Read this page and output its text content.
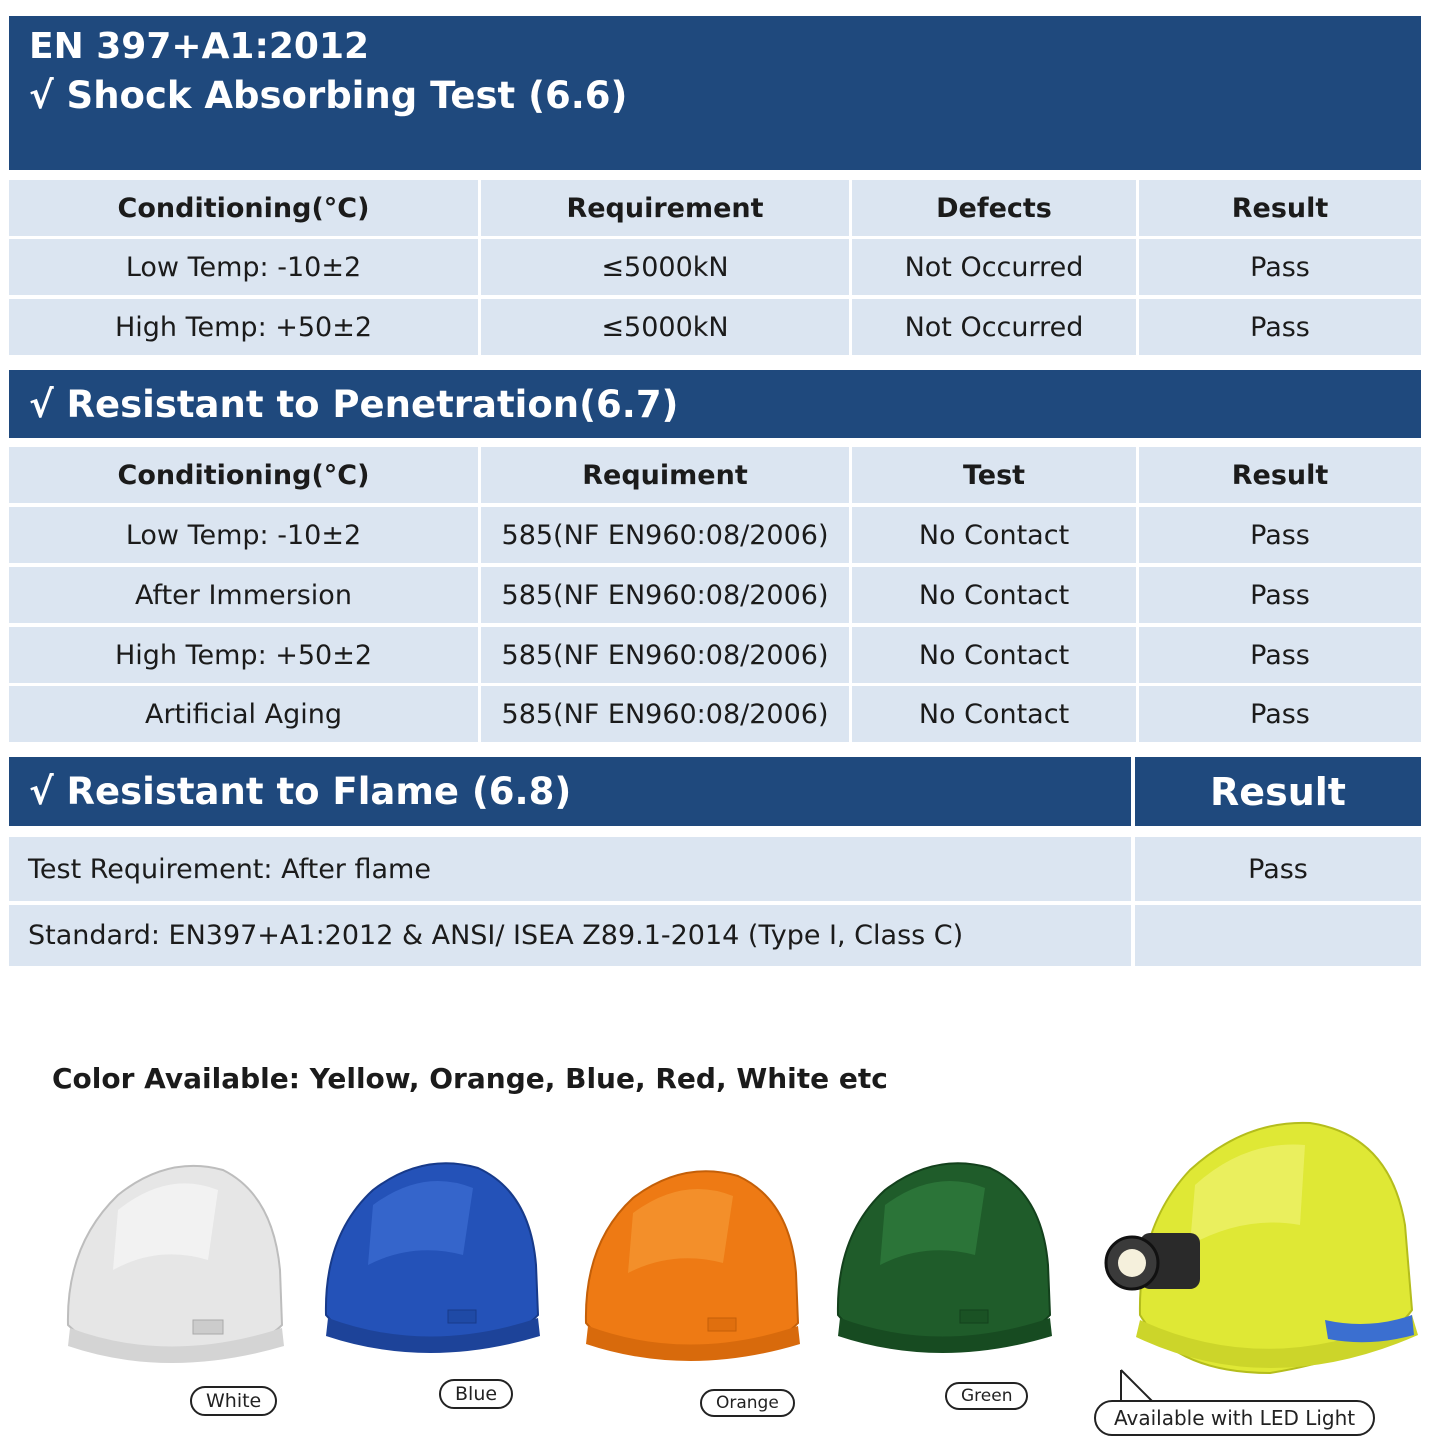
EN 397+A1:2012
√ Shock Absorbing Test (6.6)
Conditioning(°C)	Requirement	Defects	Result
Low Temp: -10±2	≤5000kN	Not Occurred	Pass
High Temp: +50±2	≤5000kN	Not Occurred	Pass
√ Resistant to Penetration(6.7)
Conditioning(°C)	Requiment	Test	Result
Low Temp: -10±2	585(NF EN960:08/2006)	No Contact	Pass
After Immersion	585(NF EN960:08/2006)	No Contact	Pass
High Temp: +50±2	585(NF EN960:08/2006)	No Contact	Pass
Artificial Aging	585(NF EN960:08/2006)	No Contact	Pass
√ Resistant to Flame (6.8)	Result
Test Requirement: After flame	Pass
Standard: EN397+A1:2012 & ANSI/ ISEA Z89.1-2014 (Type I, Class C)
Color Available: Yellow, Orange, Blue, Red, White etc
White	Blue	Orange	Green
Available with LED Light
